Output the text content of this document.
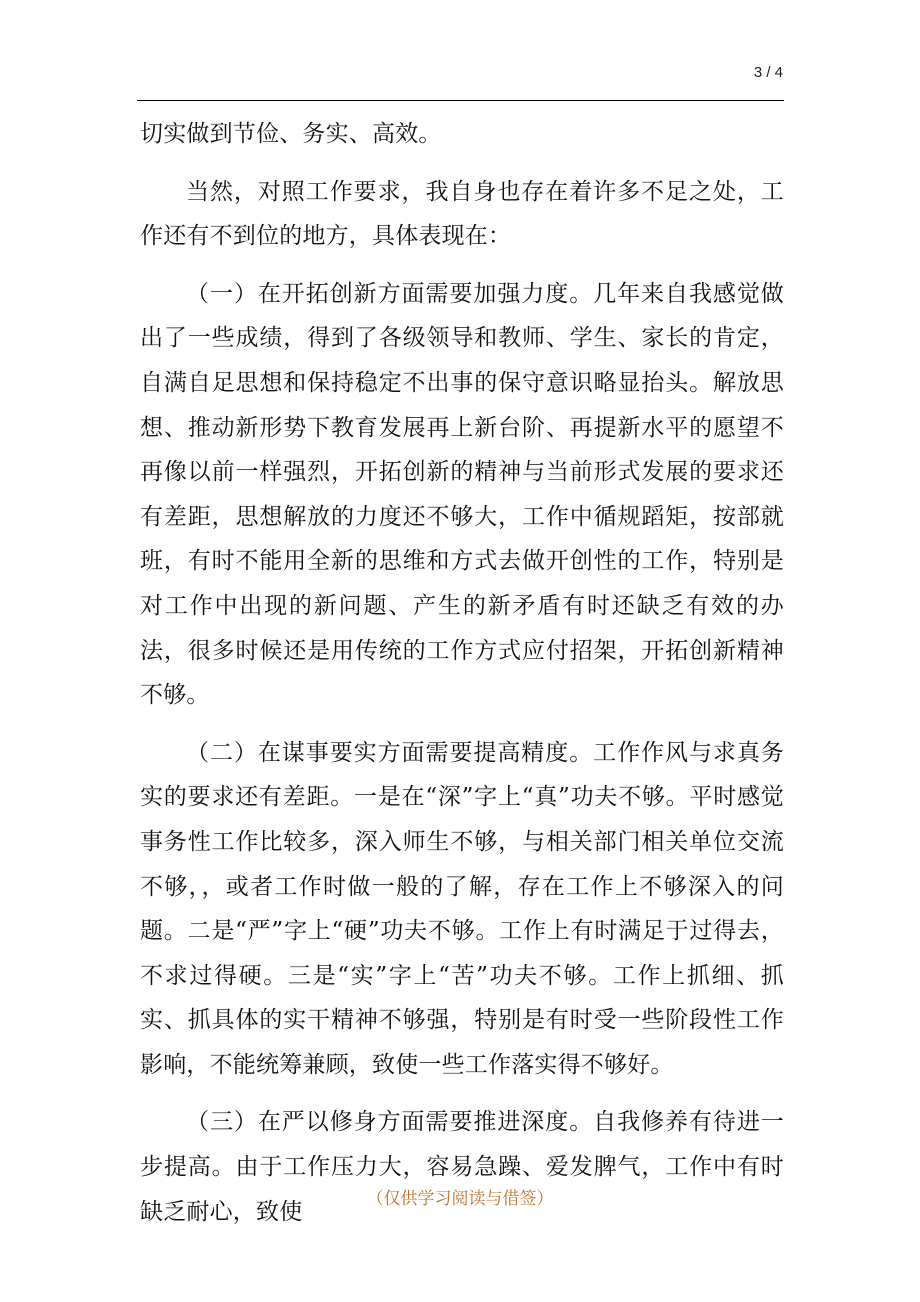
3 / 4

切实做到节俭、务实、高效。

当然，对照工作要求，我自身也存在着许多不足之处，工作还有不到位的地方，具体表现在：

（一）在开拓创新方面需要加强力度。几年来自我感觉做出了一些成绩，得到了各级领导和教师、学生、家长的肯定，自满自足思想和保持稳定不出事的保守意识略显抬头。解放思想、推动新形势下教育发展再上新台阶、再提新水平的愿望不再像以前一样强烈，开拓创新的精神与当前形式发展的要求还有差距，思想解放的力度还不够大，工作中循规蹈矩，按部就班，有时不能用全新的思维和方式去做开创性的工作，特别是对工作中出现的新问题、产生的新矛盾有时还缺乏有效的办法，很多时候还是用传统的工作方式应付招架，开拓创新精神不够。

（二）在谋事要实方面需要提高精度。工作作风与求真务实的要求还有差距。一是在“深”字上“真”功夫不够。平时感觉事务性工作比较多，深入师生不够，与相关部门相关单位交流不够，，或者工作时做一般的了解，存在工作上不够深入的问题。二是“严”字上“硬”功夫不够。工作上有时满足于过得去，不求过得硬。三是“实”字上“苦”功夫不够。工作上抓细、抓实、抓具体的实干精神不够强，特别是有时受一些阶段性工作影响，不能统筹兼顾，致使一些工作落实得不够好。

（三）在严以修身方面需要推进深度。自我修养有待进一步提高。由于工作压力大，容易急躁、爱发脾气，工作中有时缺乏耐心，致使	（仅供学习阅读与借签）
